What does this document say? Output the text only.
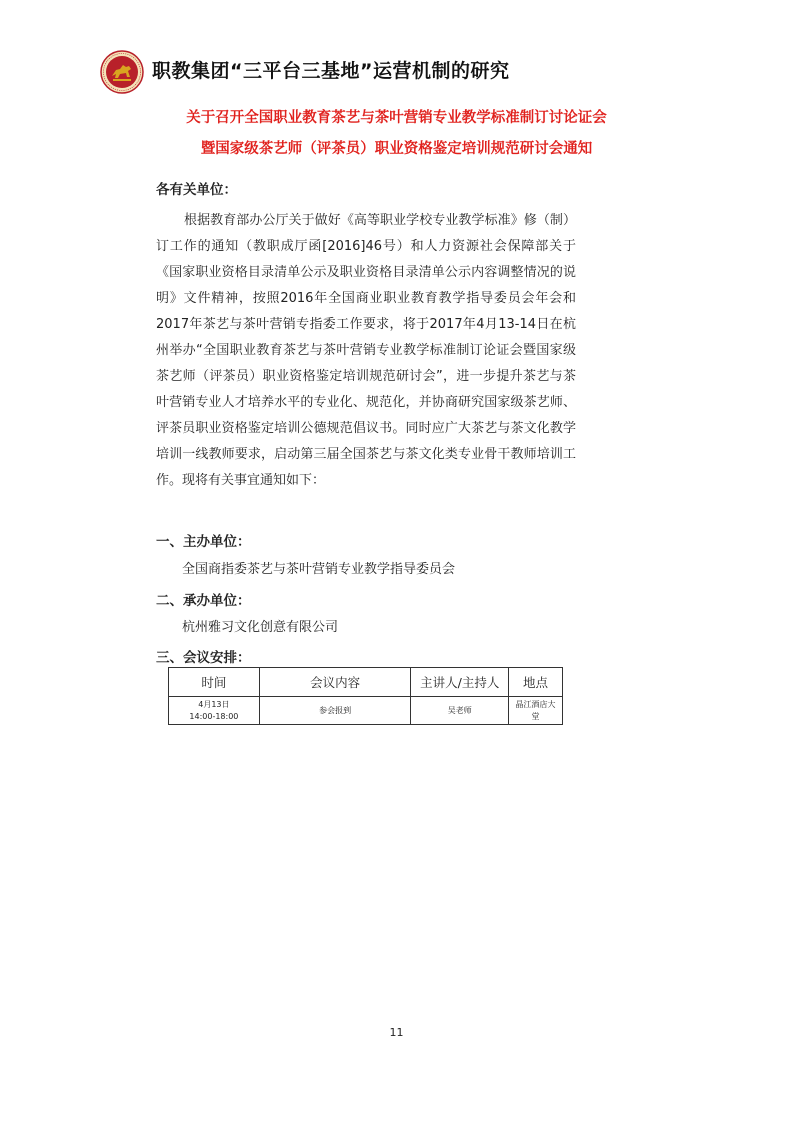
职教集团“三平台三基地”运营机制的研究
关于召开全国职业教育茶艺与茶叶营销专业教学标准制订讨论证会
暨国家级茶艺师（评茶员）职业资格鉴定培训规范研讨会通知
各有关单位：
根据教育部办公厅关于做好《高等职业学校专业教学标准》修（制）订工作的通知（教职成厅函[2016]46号）和人力资源社会保障部关于《国家职业资格目录清单公示及职业资格目录清单公示内容调整情况的说明》文件精神，按照2016年全国商业职业教育教学指导委员会年会和2017年茶艺与茶叶营销专指委工作要求，将于2017年4月13-14日在杭州举办“全国职业教育茶艺与茶叶营销专业教学标准制订论证会暨国家级茶艺师（评茶员）职业资格鉴定培训规范研讨会”，进一步提升茶艺与茶叶营销专业人才培养水平的专业化、规范化，并协商研究国家级茶艺师、评茶员职业资格鉴定培训公德规范倡议书。同时应广大茶艺与茶文化教学培训一线教师要求，启动第三届全国茶艺与茶文化类专业骨干教师培训工作。现将有关事宜通知如下：
一、主办单位：
全国商指委茶艺与茶叶营销专业教学指导委员会
二、承办单位：
杭州雅习文化创意有限公司
三、会议安排：
时间	会议内容	主讲人/主持人	地点

4月13日
14:00-18:00	参会报到	吴老师	晶江酒店大堂
11
